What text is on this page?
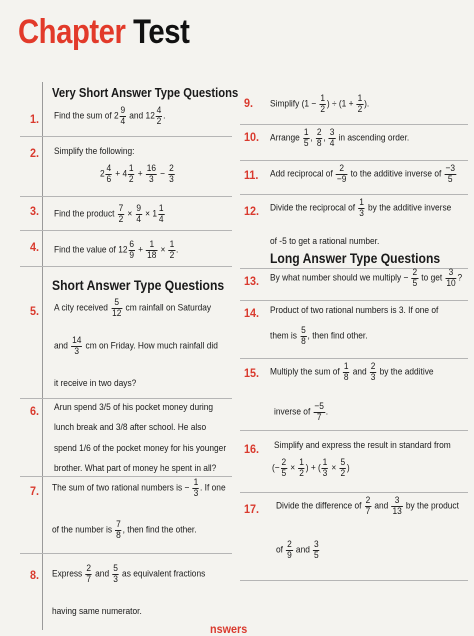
Chapter Test
Very Short Answer Type Questions
Short Answer Type Questions
Long Answer Type Questions
1. Find the sum of $2 \frac{9}{4}$ and $12 \frac{4}{2}$ .
2. Simplify the following:
$2 \frac{4}{6} + 4 \frac{1}{2} + \frac{16}{3} - \frac{2}{3}$
3. Find the product $\frac{7}{2} \times \frac{9}{4} \times 1 \frac{1}{4}$
4. Find the value of $12 \frac{6}{9} + \frac{1}{18} \times \frac{1}{2}$ .
5. A city received $\frac{5}{12}$ cm rainfall on Saturday
and $\frac{14}{3}$ cm on Friday. How much rainfall did
it receive in two days?
6. Arun spend 3/5 of his pocket money during
lunch break and 3/8 after school. He also
spend 1/6 of the pocket money for his younger
brother. What part of money he spent in all?
7. The sum of two rational numbers is − $\frac{1}{3}$ . If one
of the number is $\frac{7}{8}$ , then find the other.
8. Express $\frac{2}{7}$ and $\frac{5}{3}$ as equivalent fractions
having same numerator.
9. Simplify ($1 - \frac{1}{2}$ ) ÷ ($1 + \frac{1}{2}$ ).
10. Arrange $\frac{1}{5}$ , $\frac{2}{8}$ , $\frac{3}{4}$ in ascending order.
11. Add reciprocal of $\frac{2}{-9}$ to the additive inverse of $\frac{-3}{5}$
12. Divide the reciprocal of $\frac{1}{3}$ by the additive inverse
of -5 to get a rational number.
13. By what number should we multiply − $\frac{2}{5}$ to get $\frac{3}{10}$ ?
14. Product of two rational numbers is 3. If one of
them is $\frac{5}{8}$ , then find other.
15. Multiply the sum of $\frac{1}{8}$ and $\frac{2}{3}$ by the additive
inverse of $\frac{-5}{7}$ .
16. Simplify and express the result in standard from
(− $\frac{2}{5} \times \frac{1}{2}$ ) + ( $\frac{1}{3} \times \frac{5}{2}$ )
17. Divide the difference of $\frac{2}{7}$ and $\frac{3}{13}$ by the product
of $\frac{2}{9}$ and $\frac{3}{5}$
nswers
